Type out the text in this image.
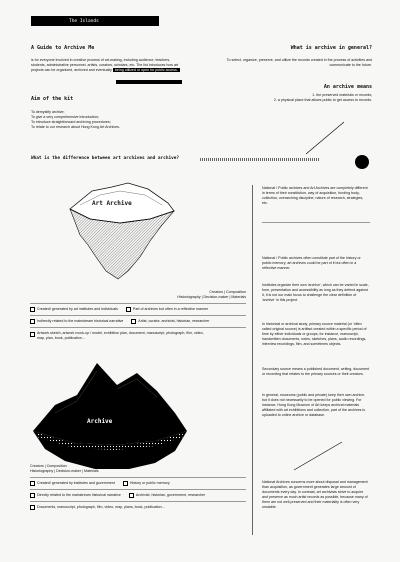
The Islands
A Guide to Archive Me
is for everyone involved in creative process of art-making, including audience, teachers, students, administrative personnel, artists, curators, scholars, etc. The list introduces how art projects can be organized, archived and eventually being utilized or open for public access.
Aim of the kit
To demystify archive;
To give a very comprehensive introduction;
To introduce straightforward archiving procedures;
To relate to our research about Hong Kong Art Archives.
What is archive in general?
To select, organize, preserve, and utilize the records created in the process of activities and communicate to the future.
An archive means
1. the preserved materials or records;
2. a physical place that allows public to get access to records.
What is the difference between art archives and archive?
Art Archive
Creators | Composition
Historiography | Decision-maker | Materials
Created/ generated by art institutes and individuals	Part of archives but often in a reflective manner
Indirectly related to the mainstream historical narrative	Artist, curator, archivist, historian, researcher
Artwork sketch, artwork mock-up / model, exhibition plan, document, manuscript, photograph, film, video, map, plan, book, publication...
Archive
Creators | Composition
Historiography | Decision-maker | Materials
Created/ generated by institutes and government	History or public memory
Directly related to the mainstream historical narrative	Archivist, historian, government, researcher
Documents, manuscript, photograph, film, video, map, plans, book, publication...
National / Public archives and Art Archives are completely different in terms of their constitution, way of acquisition, funding body, collection, overarching discipline, nature of research, strategies, etc.
National / Public archives often constitute part of the history or public memory; art archives could be part of it but often in a reflective manner.
Institutes organize their own 'archive', which can be varied in scale, form, presentation and accessibility as long as they defend against it, it is not our main focus to challenge the clear definition of 'archive' in this project.
In historical or archival study, primary source material (or 'often called original source) is artifact created within a specific period of time by either individuals or groups, for instance, manuscript, handwritten documents, notes, sketches, plans, audio recordings, interview recordings, film, and sometimes objects.
Secondary source means a published document, writing, document or recording that relates to the primary sources or their creators.
In general, museums (public and private) keep their own archive, but it does not necessarily to be opened for public viewing. For instance, Hong Kong Museum of Art keeps archival materials affiliated with art exhibitions and collection, part of the archives is uploaded to online archive or database.
National Archives concerns more about disposal and management than acquisition, as government generates large amount of documents every day. In contrast, art archivists strive to acquire and preserve as much artist records as possible, because many of them are not well-preserved and their materiality is often very unstable.
